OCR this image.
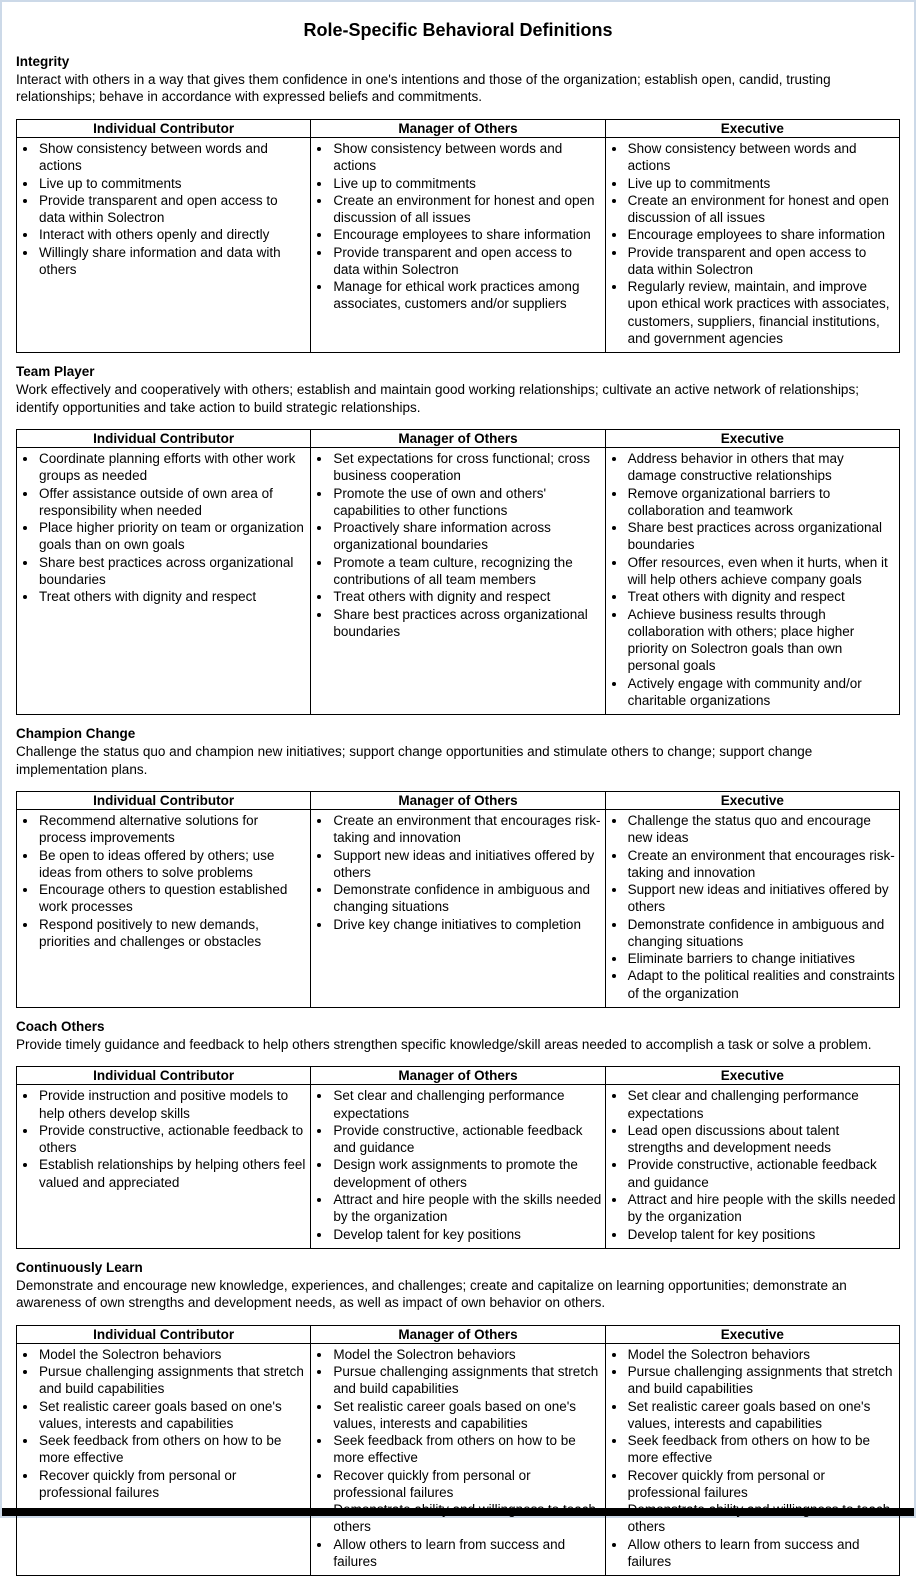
Role-Specific Behavioral Definitions
Integrity

Interact with others in a way that gives them confidence in one's intentions and those of the organization; establish open, candid, trusting relationships; behave in accordance with expressed beliefs and commitments.

Individual Contributor	Manager of Others	Executive

• Show consistency between words and actions
• Live up to commitments
• Provide transparent and open access to data within Solectron
• Interact with others openly and directly
• Willingly share information and data with others

• Show consistency between words and actions
• Live up to commitments
• Create an environment for honest and open discussion of all issues
• Encourage employees to share information
• Provide transparent and open access to data within Solectron
• Manage for ethical work practices among associates, customers and/or suppliers

• Show consistency between words and actions
• Live up to commitments
• Create an environment for honest and open discussion of all issues
• Encourage employees to share information
• Provide transparent and open access to data within Solectron
• Regularly review, maintain, and improve upon ethical work practices with associates, customers, suppliers, financial institutions, and government agencies
Team Player

Work effectively and cooperatively with others; establish and maintain good working relationships; cultivate an active network of relationships; identify opportunities and take action to build strategic relationships.

Individual Contributor	Manager of Others	Executive

• Coordinate planning efforts with other work groups as needed
• Offer assistance outside of own area of responsibility when needed
• Place higher priority on team or organization goals than on own goals
• Share best practices across organizational boundaries
• Treat others with dignity and respect

• Set expectations for cross functional; cross business cooperation
• Promote the use of own and others' capabilities to other functions
• Proactively share information across organizational boundaries
• Promote a team culture, recognizing the contributions of all team members
• Treat others with dignity and respect
• Share best practices across organizational boundaries

• Address behavior in others that may damage constructive relationships
• Remove organizational barriers to collaboration and teamwork
• Share best practices across organizational boundaries
• Offer resources, even when it hurts, when it will help others achieve company goals
• Treat others with dignity and respect
• Achieve business results through collaboration with others; place higher priority on Solectron goals than own personal goals
• Actively engage with community and/or charitable organizations
Champion Change

Challenge the status quo and champion new initiatives; support change opportunities and stimulate others to change; support change implementation plans.

Individual Contributor	Manager of Others	Executive

• Recommend alternative solutions for process improvements
• Be open to ideas offered by others; use ideas from others to solve problems
• Encourage others to question established work processes
• Respond positively to new demands, priorities and challenges or obstacles

• Create an environment that encourages risk-taking and innovation
• Support new ideas and initiatives offered by others
• Demonstrate confidence in ambiguous and changing situations
• Drive key change initiatives to completion

• Challenge the status quo and encourage new ideas
• Create an environment that encourages risk-taking and innovation
• Support new ideas and initiatives offered by others
• Demonstrate confidence in ambiguous and changing situations
• Eliminate barriers to change initiatives
• Adapt to the political realities and constraints of the organization
Coach Others

Provide timely guidance and feedback to help others strengthen specific knowledge/skill areas needed to accomplish a task or solve a problem.

Individual Contributor	Manager of Others	Executive

• Provide instruction and positive models to help others develop skills
• Provide constructive, actionable feedback to others
• Establish relationships by helping others feel valued and appreciated

• Set clear and challenging performance expectations
• Provide constructive, actionable feedback and guidance
• Design work assignments to promote the development of others
• Attract and hire people with the skills needed by the organization
• Develop talent for key positions

• Set clear and challenging performance expectations
• Lead open discussions about talent strengths and development needs
• Provide constructive, actionable feedback and guidance
• Attract and hire people with the skills needed by the organization
• Develop talent for key positions
Continuously Learn

Demonstrate and encourage new knowledge, experiences, and challenges; create and capitalize on learning opportunities; demonstrate an awareness of own strengths and development needs, as well as impact of own behavior on others.

Individual Contributor	Manager of Others	Executive

• Model the Solectron behaviors
• Pursue challenging assignments that stretch and build capabilities
• Set realistic career goals based on one's values, interests and capabilities
• Seek feedback from others on how to be more effective
• Recover quickly from personal or professional failures

• Model the Solectron behaviors
• Pursue challenging assignments that stretch and build capabilities
• Set realistic career goals based on one's values, interests and capabilities
• Seek feedback from others on how to be more effective
• Recover quickly from personal or professional failures
• others
• Allow others to learn from success and failures

• Model the Solectron behaviors
• Pursue challenging assignments that stretch and build capabilities
• Set realistic career goals based on one's values, interests and capabilities
• Seek feedback from others on how to be more effective
• Recover quickly from personal or professional failures
• others
• Allow others to learn from success and failures
